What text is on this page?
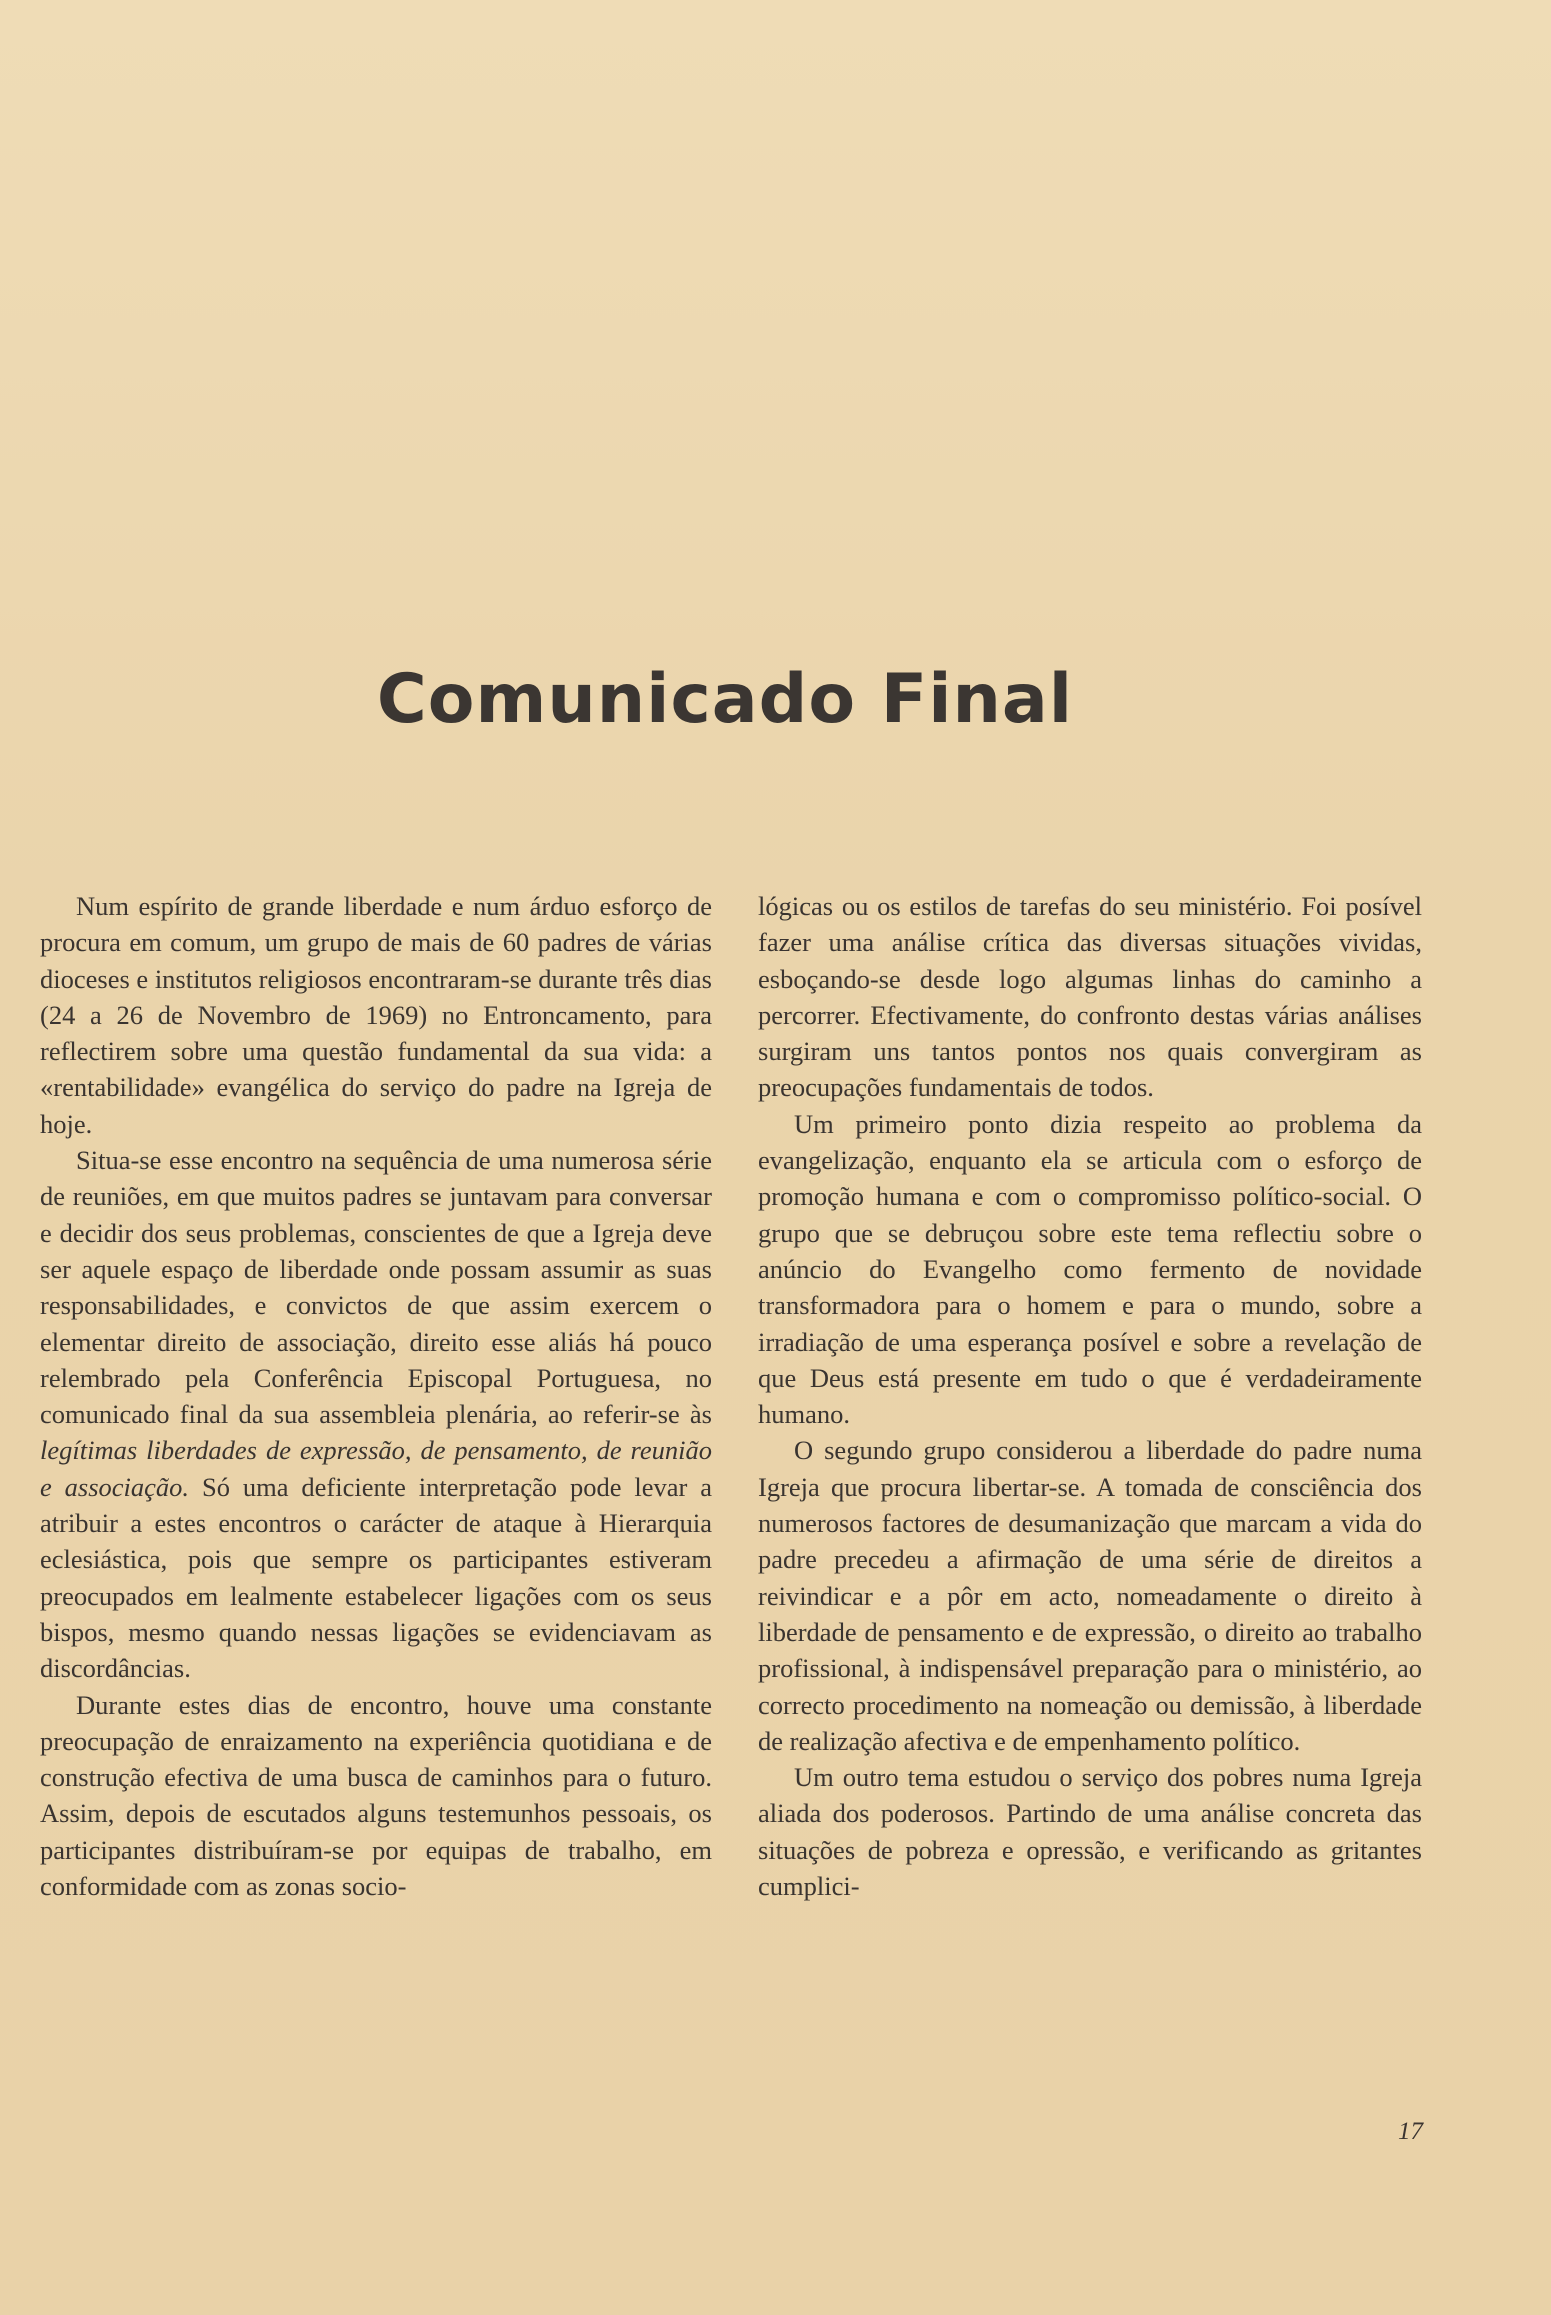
Comunicado Final

Num espírito de grande liberdade e num árduo esforço de procura em comum, um grupo de mais de 60 padres de várias dioceses e institutos religiosos encontraram-se durante três dias (24 a 26 de Novembro de 1969) no Entroncamento, para reflectirem sobre uma questão fundamental da sua vida: a «rentabilidade» evangélica do serviço do padre na Igreja de hoje.

Situa-se esse encontro na sequência de uma numerosa série de reuniões, em que muitos padres se juntavam para conversar e decidir dos seus problemas, conscientes de que a Igreja deve ser aquele espaço de liberdade onde possam assumir as suas responsabilidades, e convictos de que assim exercem o elementar direito de associação, direito esse aliás há pouco relembrado pela Conferência Episcopal Portuguesa, no comunicado final da sua assembleia plenária, ao referir-se às legítimas liberdades de expressão, de pensamento, de reunião e associação. Só uma deficiente interpretação pode levar a atribuir a estes encontros o carácter de ataque à Hierarquia eclesiástica, pois que sempre os participantes estiveram preocupados em lealmente estabelecer ligações com os seus bispos, mesmo quando nessas ligações se evidenciavam as discordâncias.

Durante estes dias de encontro, houve uma constante preocupação de enraizamento na experiência quotidiana e de construção efectiva de uma busca de caminhos para o futuro. Assim, depois de escutados alguns testemunhos pessoais, os participantes distribuíram-se por equipas de trabalho, em conformidade com as zonas socio-

lógicas ou os estilos de tarefas do seu ministério. Foi posível fazer uma análise crítica das diversas situações vividas, esboçando-se desde logo algumas linhas do caminho a percorrer. Efectivamente, do confronto destas várias análises surgiram uns tantos pontos nos quais convergiram as preocupações fundamentais de todos.

Um primeiro ponto dizia respeito ao problema da evangelização, enquanto ela se articula com o esforço de promoção humana e com o compromisso político-social. O grupo que se debruçou sobre este tema reflectiu sobre o anúncio do Evangelho como fermento de novidade transformadora para o homem e para o mundo, sobre a irradiação de uma esperança posível e sobre a revelação de que Deus está presente em tudo o que é verdadeiramente humano.

O segundo grupo considerou a liberdade do padre numa Igreja que procura libertar-se. A tomada de consciência dos numerosos factores de desumanização que marcam a vida do padre precedeu a afirmação de uma série de direitos a reivindicar e a pôr em acto, nomeadamente o direito à liberdade de pensamento e de expressão, o direito ao trabalho profissional, à indispensável preparação para o ministério, ao correcto procedimento na nomeação ou demissão, à liberdade de realização afectiva e de empenhamento político.

Um outro tema estudou o serviço dos pobres numa Igreja aliada dos poderosos. Partindo de uma análise concreta das situações de pobreza e opressão, e verificando as gritantes cumplici-

17
